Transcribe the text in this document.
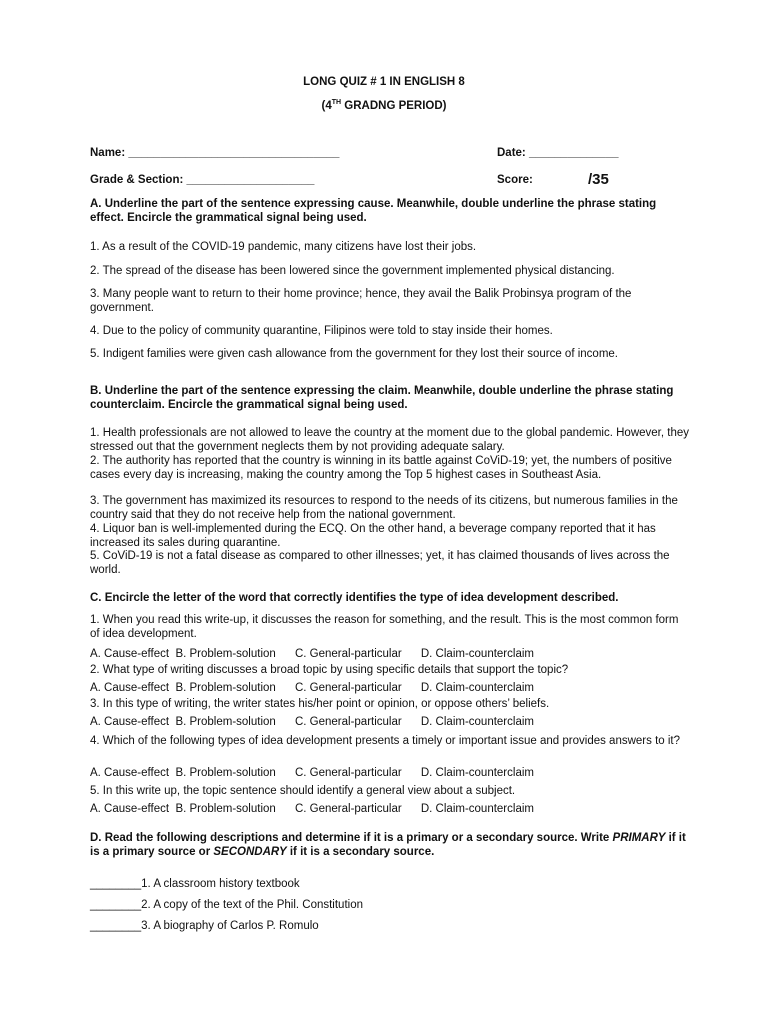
LONG QUIZ # 1 IN ENGLISH 8
(4TH GRADNG PERIOD)
Name: _________________________________	Date: ______________
Grade & Section: ____________________	Score:	/35
A. Underline the part of the sentence expressing cause. Meanwhile, double underline the phrase stating effect. Encircle the grammatical signal being used.
1. As a result of the COVID-19 pandemic, many citizens have lost their jobs.
2. The spread of the disease has been lowered since the government implemented physical distancing.
3. Many people want to return to their home province; hence, they avail the Balik Probinsya program of the government.
4. Due to the policy of community quarantine, Filipinos were told to stay inside their homes.
5. Indigent families were given cash allowance from the government for they lost their source of income.
B. Underline the part of the sentence expressing the claim. Meanwhile, double underline the phrase stating counterclaim. Encircle the grammatical signal being used.
1. Health professionals are not allowed to leave the country at the moment due to the global pandemic. However, they stressed out that the government neglects them by not providing adequate salary.
2. The authority has reported that the country is winning in its battle against CoViD-19; yet, the numbers of positive cases every day is increasing, making the country among the Top 5 highest cases in Southeast Asia.
3. The government has maximized its resources to respond to the needs of its citizens, but numerous families in the country said that they do not receive help from the national government.
4. Liquor ban is well-implemented during the ECQ. On the other hand, a beverage company reported that it has increased its sales during quarantine.
5. CoViD-19 is not a fatal disease as compared to other illnesses; yet, it has claimed thousands of lives across the world.
C. Encircle the letter of the word that correctly identifies the type of idea development described.
1. When you read this write-up, it discusses the reason for something, and the result. This is the most common form of idea development.
A. Cause-effect  B. Problem-solution      C. General-particular      D. Claim-counterclaim
2. What type of writing discusses a broad topic by using specific details that support the topic?
A. Cause-effect  B. Problem-solution      C. General-particular      D. Claim-counterclaim
3. In this type of writing, the writer states his/her point or opinion, or oppose others’ beliefs.
A. Cause-effect  B. Problem-solution      C. General-particular      D. Claim-counterclaim
4. Which of the following types of idea development presents a timely or important issue and provides answers to it?
A. Cause-effect  B. Problem-solution      C. General-particular      D. Claim-counterclaim
5. In this write up, the topic sentence should identify a general view about a subject.
A. Cause-effect  B. Problem-solution      C. General-particular      D. Claim-counterclaim
D. Read the following descriptions and determine if it is a primary or a secondary source. Write PRIMARY if it is a primary source or SECONDARY if it is a secondary source.
________1. A classroom history textbook
________2. A copy of the text of the Phil. Constitution
________3. A biography of Carlos P. Romulo
